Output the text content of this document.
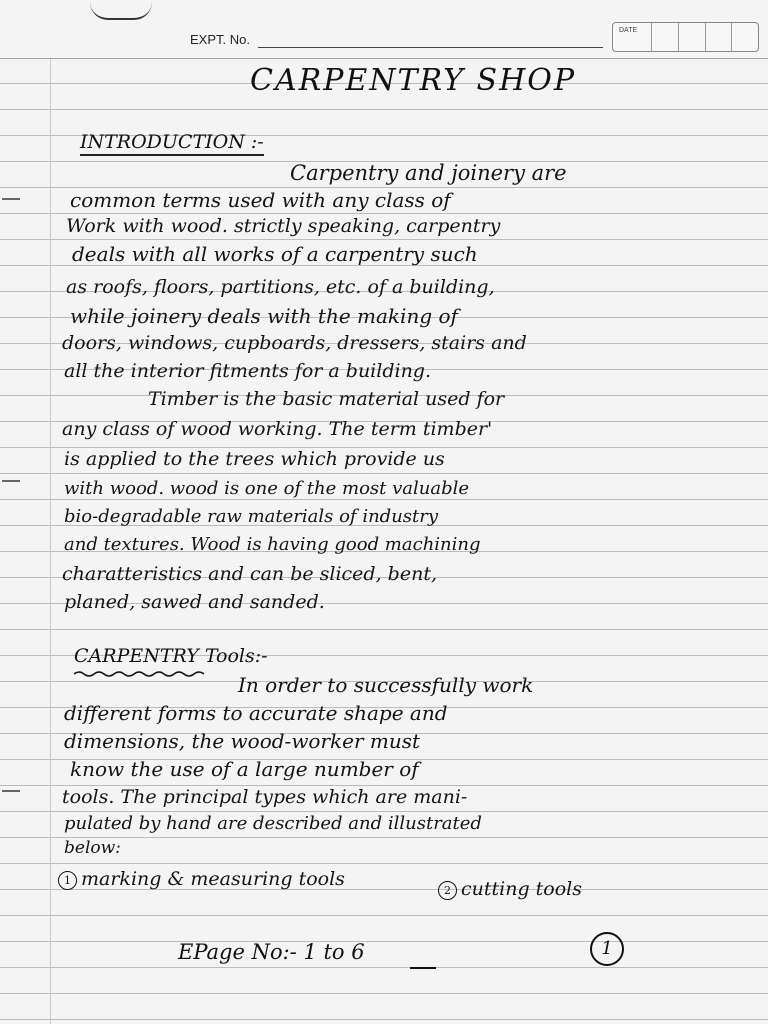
EXPT. No.
DATE
CARPENTRY SHOP
INTRODUCTION :-
Carpentry and joinery are
common terms used with any class of
Work with wood. strictly speaking, carpentry
deals with all works of a carpentry such
as roofs, floors, partitions, etc. of a building,
while joinery deals with the making of
doors, windows, cupboards, dressers, stairs and
all the interior fitments for a building.
Timber is the basic material used for
any class of wood working. The term timber'
is applied to the trees which provide us
with wood. wood is one of the most valuable
bio-degradable raw materials of industry
and textures. Wood is having good machining
charatteristics and can be sliced, bent,
planed, sawed and sanded.
CARPENTRY Tools:-
In order to successfully work
different forms to accurate shape and
dimensions, the wood-worker must
know the use of a large number of
tools. The principal types which are mani-
pulated by hand are described and illustrated
below:
1 marking & measuring tools	2 cutting tools
EPage No:- 1 to 6	1
